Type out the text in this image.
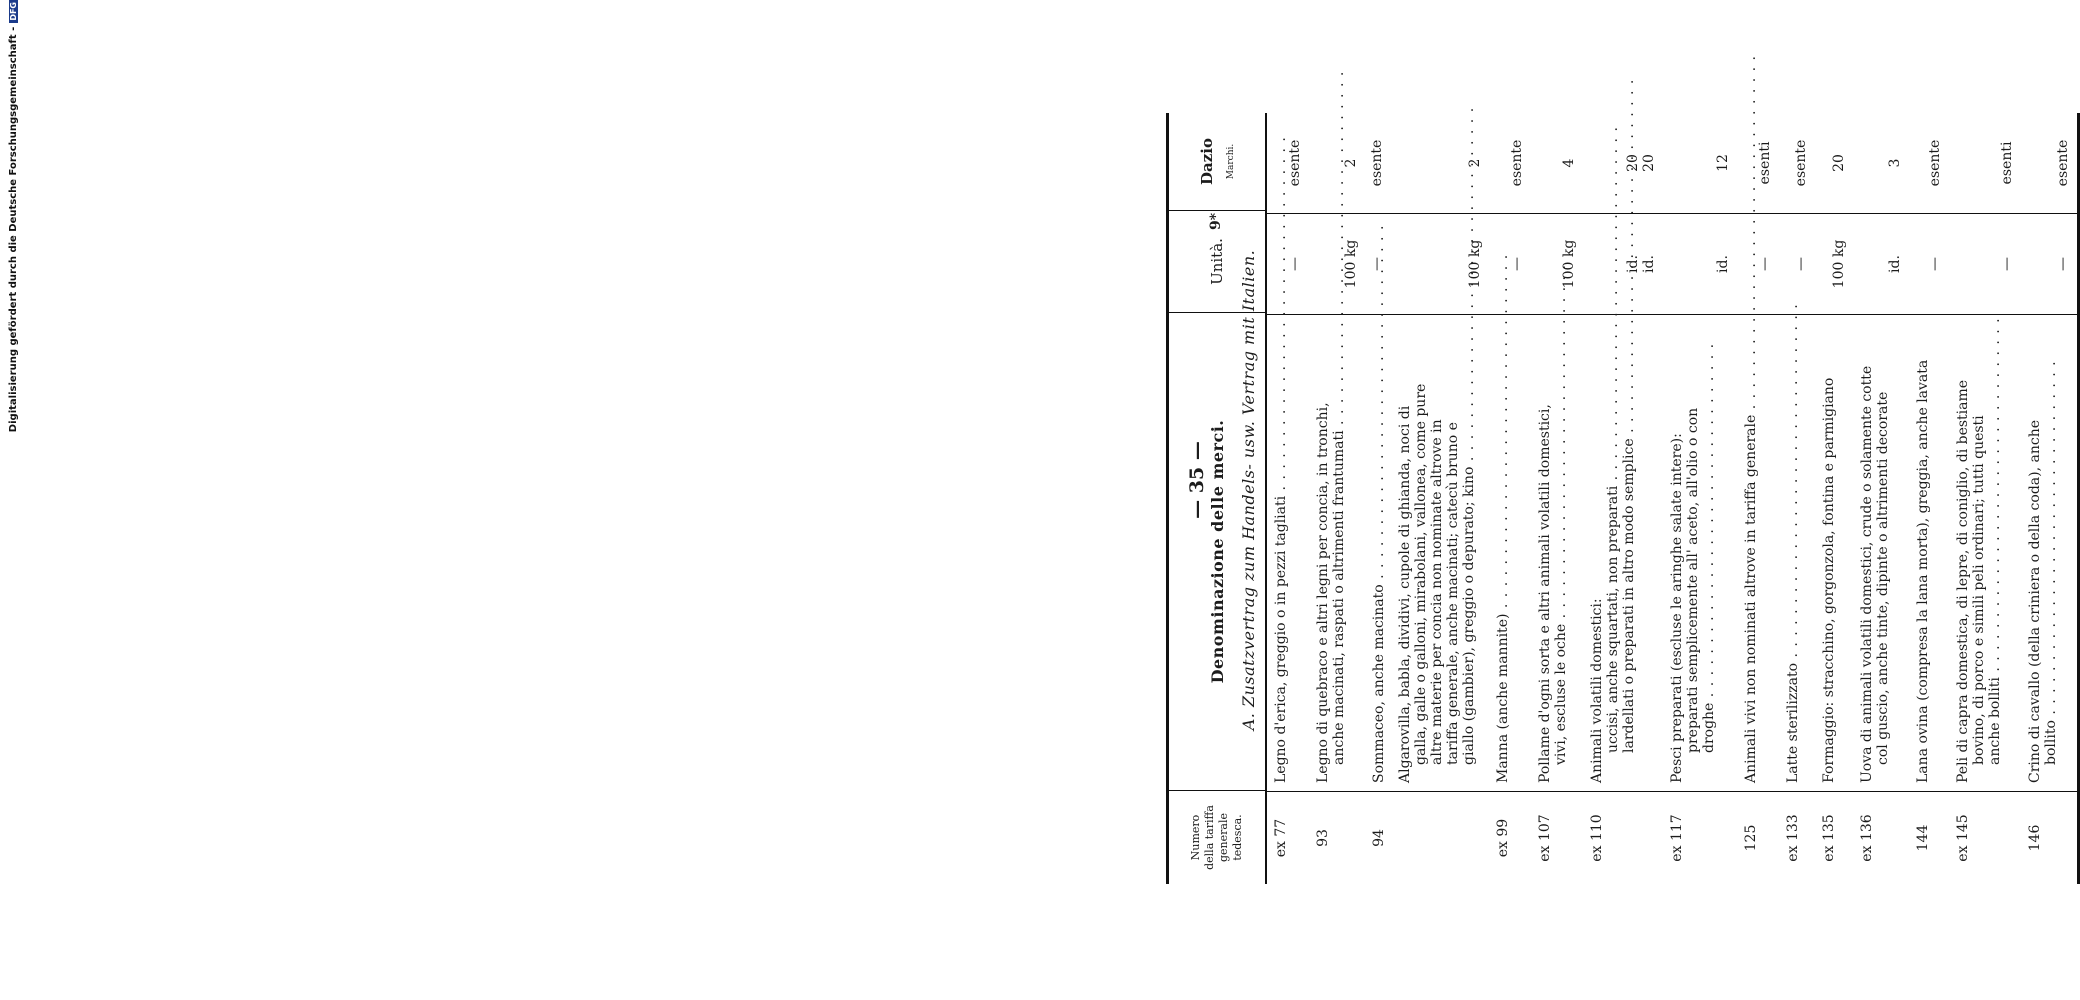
Digitalisierung gefördert durch die Deutsche Forschungsgemeinschaft -DFG
Numero della tariffa generale tedesca.
Denominazione delle merci.
Unità.
Dazio Marchi.
ex 77
Legno d'erica, greggio o in pezzi tagliati . . .
—
esente
93
Legno di quebraco e altri legni per concia, in tronchi, anche macinati, raspati o altrimenti frantumati . . .
100 kg
2
94
Sommaceo, anche macinato . . .
—
esente
Algarovilla, babla, dividivi, cupole di ghianda, noci di galla, galle o galloni, mirabolani, vallonea, come pure altre materie per concia non nominate altrove in tariffa generale, anche macinati; catecù bruno e giallo (gambier), greggio o depurato; kino . . .
100 kg
2
ex 99
Manna (anche mannite) . . .
—
esente
ex 107
Pollame d'ogni sorta e altri animali volatili domestici, vivi, escluse le oche . . .
100 kg
4
ex 110
Animali volatili domestici: uccisi, anche squartati, non preparati . . . lardellati o preparati in altro modo semplice . . .
id. id.
20 20
ex 117
Pesci preparati (escluse le aringhe salate intere): preparati semplicemente all' aceto, all'olio o con droghe . . .
id.
12
125
Animali vivi non nominati altrove in tariffa generale . . .
—
esenti
ex 133
Latte sterilizzato . . .
—
esente
ex 135
Formaggio: stracchino, gorgonzola, fontina e parmigiano
100 kg
20
ex 136
Uova di animali volatili domestici, crude o solamente cotte col guscio, anche tinte, dipinte o altrimenti decorate
id.
3
144
Lana ovina (compresa la lana morta), greggia, anche lavata
—
esente
ex 145
Peli di capra domestica, di lepre, di coniglio, di bestiame bovino, di porco e simili peli ordinari; tutti questi anche bolliti . . .
—
esenti
146
Crino di cavallo (della criniera o della coda), anche bollito . . .
—
esente
— 35 — A. Zusatzvertrag zum Handels- usw. Vertrag mit Italien.
9*
